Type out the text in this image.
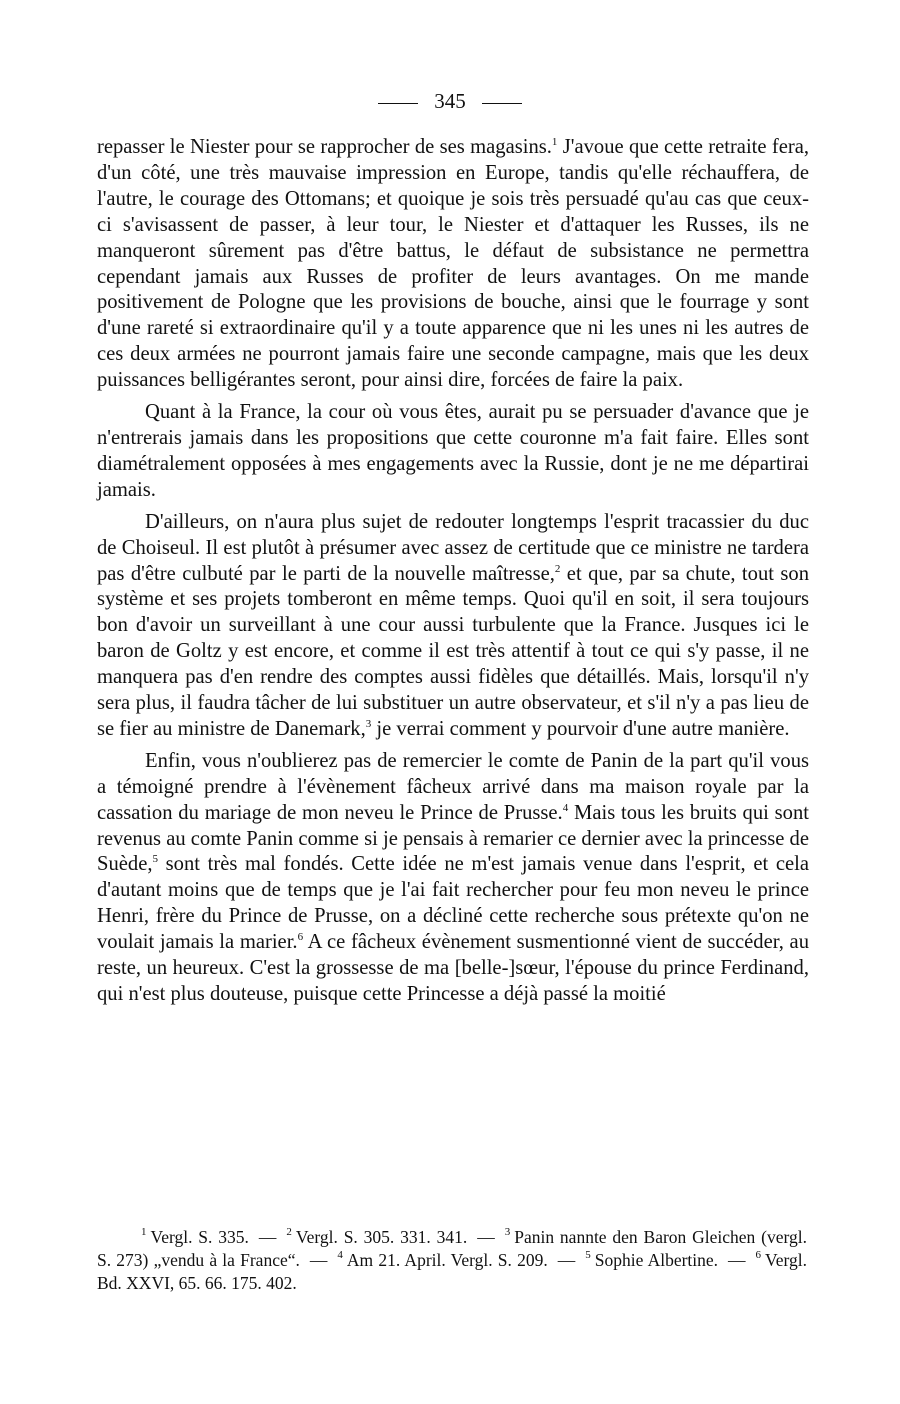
345

repasser le Niester pour se rapprocher de ses magasins.$^1$ J'avoue que cette retraite fera, d'un côté, une très mauvaise impression en Europe, tandis qu'elle réchauffera, de l'autre, le courage des Ottomans; et quoique je sois très persuadé qu'au cas que ceux-ci s'avisassent de passer, à leur tour, le Niester et d'attaquer les Russes, ils ne manqueront sûrement pas d'être battus, le défaut de subsistance ne permettra cependant jamais aux Russes de profiter de leurs avantages. On me mande positivement de Pologne que les provisions de bouche, ainsi que le fourrage y sont d'une rareté si extraordinaire qu'il y a toute apparence que ni les unes ni les autres de ces deux armées ne pourront jamais faire une seconde campagne, mais que les deux puissances belligérantes seront, pour ainsi dire, forcées de faire la paix.

Quant à la France, la cour où vous êtes, aurait pu se persuader d'avance que je n'entrerais jamais dans les propositions que cette couronne m'a fait faire. Elles sont diamétralement opposées à mes engagements avec la Russie, dont je ne me départirai jamais.

D'ailleurs, on n'aura plus sujet de redouter longtemps l'esprit tracassier du duc de Choiseul. Il est plutôt à présumer avec assez de certitude que ce ministre ne tardera pas d'être culbuté par le parti de la nouvelle maîtresse,$^2$ et que, par sa chute, tout son système et ses projets tomberont en même temps. Quoi qu'il en soit, il sera toujours bon d'avoir un surveillant à une cour aussi turbulente que la France. Jusques ici le baron de Goltz y est encore, et comme il est très attentif à tout ce qui s'y passe, il ne manquera pas d'en rendre des comptes aussi fidèles que détaillés. Mais, lorsqu'il n'y sera plus, il faudra tâcher de lui substituer un autre observateur, et s'il n'y a pas lieu de se fier au ministre de Danemark,$^3$ je verrai comment y pourvoir d'une autre manière.

Enfin, vous n'oublierez pas de remercier le comte de Panin de la part qu'il vous a témoigné prendre à l'évènement fâcheux arrivé dans ma maison royale par la cassation du mariage de mon neveu le Prince de Prusse.$^4$ Mais tous les bruits qui sont revenus au comte Panin comme si je pensais à remarier ce dernier avec la princesse de Suède,$^5$ sont très mal fondés. Cette idée ne m'est jamais venue dans l'esprit, et cela d'autant moins que de temps que je l'ai fait rechercher pour feu mon neveu le prince Henri, frère du Prince de Prusse, on a décliné cette recherche sous prétexte qu'on ne voulait jamais la marier.$^6$ A ce fâcheux évènement susmentionné vient de succéder, au reste, un heureux. C'est la grossesse de ma [belle-]sœur, l'épouse du prince Ferdinand, qui n'est plus douteuse, puisque cette Princesse a déjà passé la moitié

$^1$ Vergl. S. 335. — $^2$ Vergl. S. 305. 331. 341. — $^3$ Panin nannte den Baron Gleichen (vergl. S. 273) „vendu à la France“. — $^4$ Am 21. April. Vergl. S. 209. — $^5$ Sophie Albertine. — $^6$ Vergl. Bd. XXVI, 65. 66. 175. 402.
